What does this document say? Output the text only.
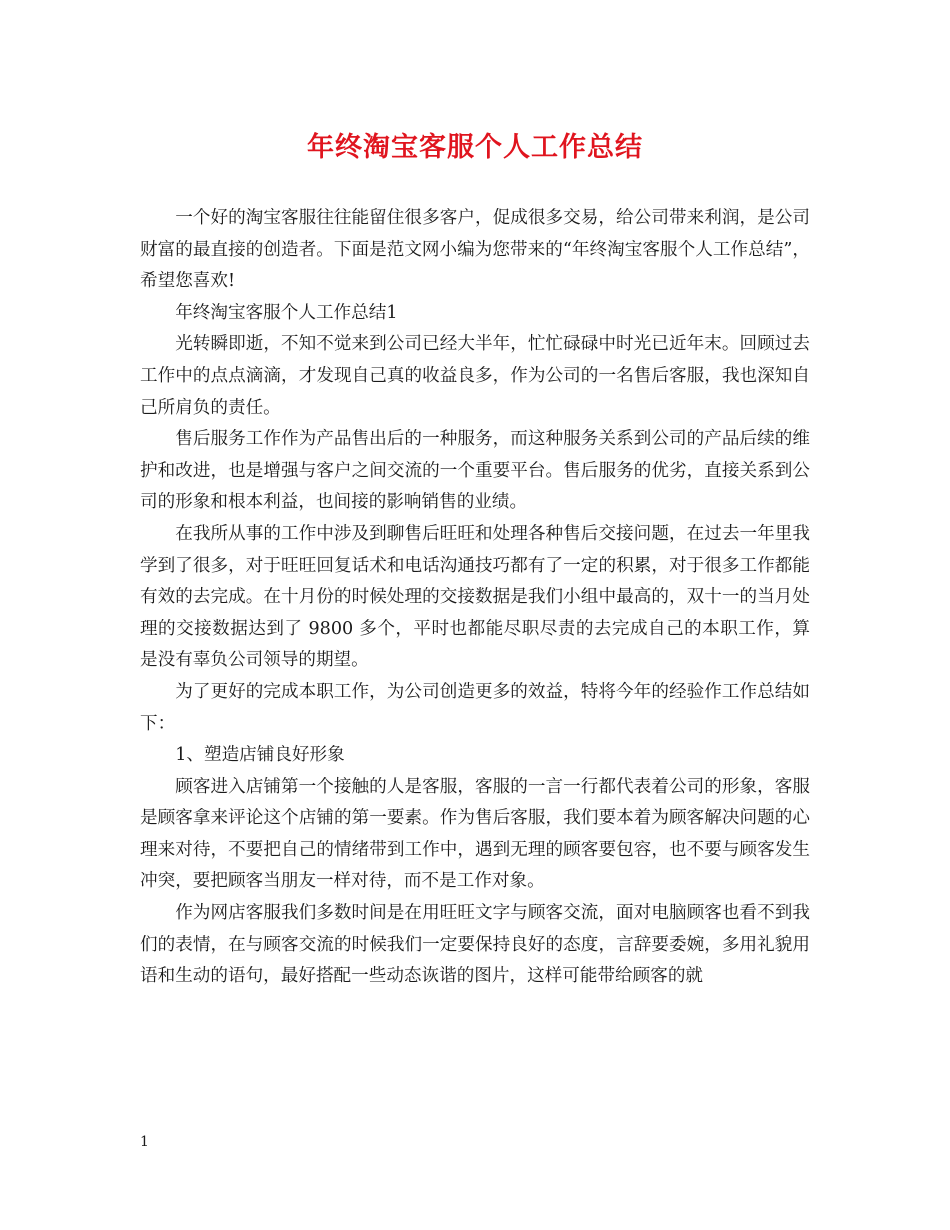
年终淘宝客服个人工作总结

一个好的淘宝客服往往能留住很多客户，促成很多交易，给公司带来利润，是公司财富的最直接的创造者。下面是范文网小编为您带来的“年终淘宝客服个人工作总结”，希望您喜欢!

年终淘宝客服个人工作总结1

光转瞬即逝，不知不觉来到公司已经大半年，忙忙碌碌中时光已近年末。回顾过去工作中的点点滴滴，才发现自己真的收益良多，作为公司的一名售后客服，我也深知自己所肩负的责任。

售后服务工作作为产品售出后的一种服务，而这种服务关系到公司的产品后续的维护和改进，也是增强与客户之间交流的一个重要平台。售后服务的优劣，直接关系到公司的形象和根本利益，也间接的影响销售的业绩。

在我所从事的工作中涉及到聊售后旺旺和处理各种售后交接问题，在过去一年里我学到了很多，对于旺旺回复话术和电话沟通技巧都有了一定的积累，对于很多工作都能有效的去完成。在十月份的时候处理的交接数据是我们小组中最高的，双十一的当月处理的交接数据达到了 9800 多个，平时也都能尽职尽责的去完成自己的本职工作，算是没有辜负公司领导的期望。

为了更好的完成本职工作，为公司创造更多的效益，特将今年的经验作工作总结如下：

1、塑造店铺良好形象

顾客进入店铺第一个接触的人是客服，客服的一言一行都代表着公司的形象，客服是顾客拿来评论这个店铺的第一要素。作为售后客服，我们要本着为顾客解决问题的心理来对待，不要把自己的情绪带到工作中，遇到无理的顾客要包容，也不要与顾客发生冲突，要把顾客当朋友一样对待，而不是工作对象。

作为网店客服我们多数时间是在用旺旺文字与顾客交流，面对电脑顾客也看不到我们的表情，在与顾客交流的时候我们一定要保持良好的态度，言辞要委婉，多用礼貌用语和生动的语句，最好搭配一些动态诙谐的图片，这样可能带给顾客的就

1
